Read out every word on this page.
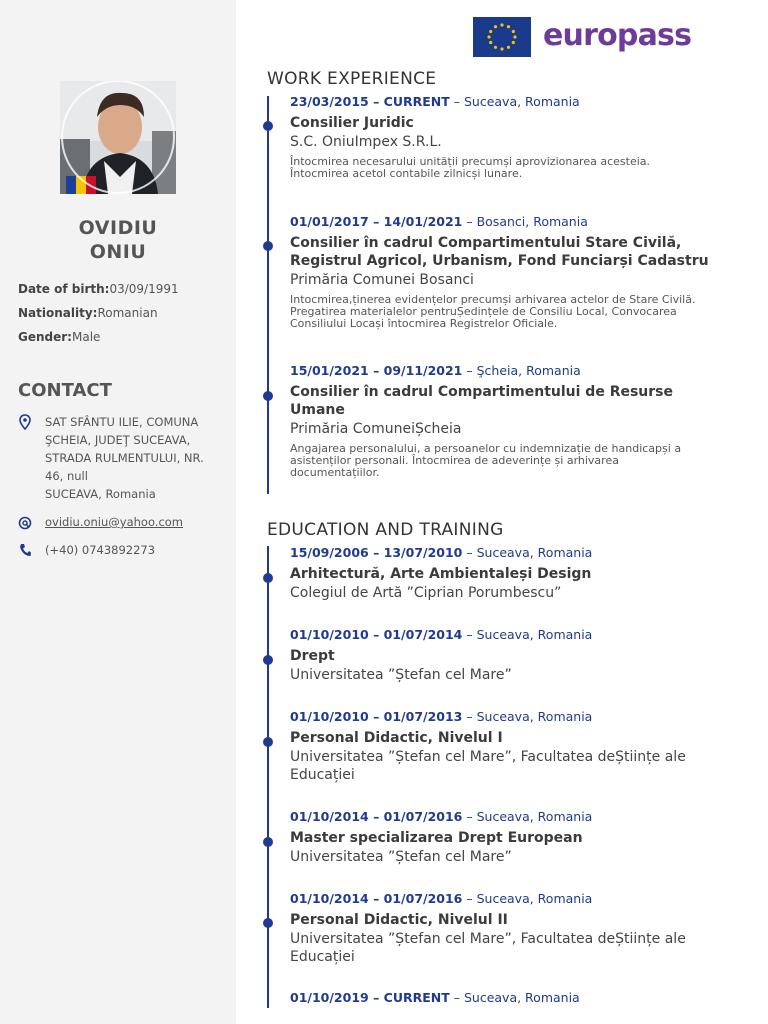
OVIDIU
ONIU
Date of birth:03/09/1991
Nationality:Romanian
Gender:Male
CONTACT
SAT SFÂNTU ILIE, COMUNA
ŞCHEIA, JUDEŢ SUCEAVA,
STRADA RULMENTULUI, NR.
46, null
SUCEAVA, Romania
ovidiu.oniu@yahoo.com
(+40) 0743892273
europass
WORK EXPERIENCE
23/03/2015 – CURRENT – Suceava, Romania
Consilier Juridic
S.C. OniuImpex S.R.L.
Întocmirea necesarului unității precumși aprovizionarea acesteia. Întocmirea acetol contabile zilnicși lunare.
01/01/2017 – 14/01/2021 – Bosanci, Romania
Consilier în cadrul Compartimentului Stare Civilă, Registrul Agricol, Urbanism, Fond Funciarși Cadastru
Primăria Comunei Bosanci
Intocmirea,ținerea evidențelor precumși arhivarea actelor de Stare Civilă. Pregatirea materialelor pentruȘedințele de Consiliu Local, Convocarea Consiliului Locași întocmirea Registrelor Oficiale.
15/01/2021 – 09/11/2021 – Şcheia, Romania
Consilier în cadrul Compartimentului de Resurse Umane
Primăria ComuneiȘcheia
Angajarea personalului, a persoanelor cu indemnizație de handicapși a asistenților personali. Întocmirea de adeverințe și arhivarea documentațiilor.
EDUCATION AND TRAINING
15/09/2006 – 13/07/2010 – Suceava, Romania
Arhitectură, Arte Ambientaleși Design
Colegiul de Artă ”Ciprian Porumbescu”
01/10/2010 – 01/07/2014 – Suceava, Romania
Drept
Universitatea ”Ștefan cel Mare”
01/10/2010 – 01/07/2013 – Suceava, Romania
Personal Didactic, Nivelul I
Universitatea ”Ștefan cel Mare”, Facultatea deȘtiințe ale Educației
01/10/2014 – 01/07/2016 – Suceava, Romania
Master specializarea Drept European
Universitatea ”Ștefan cel Mare”
01/10/2014 – 01/07/2016 – Suceava, Romania
Personal Didactic, Nivelul II
Universitatea ”Ștefan cel Mare”, Facultatea deȘtiințe ale Educației
01/10/2019 – CURRENT – Suceava, Romania
